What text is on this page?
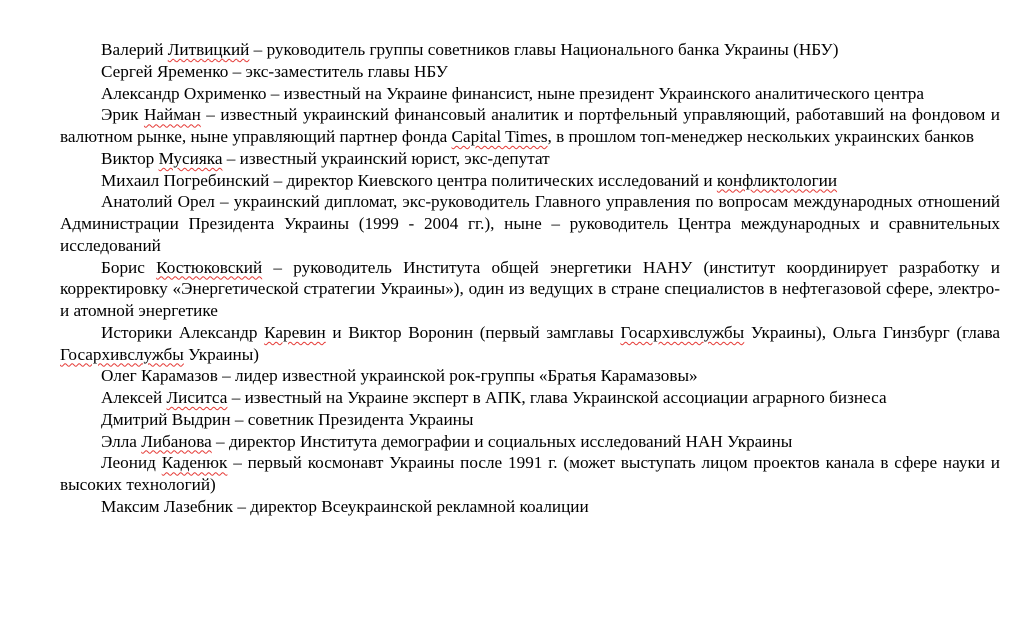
Валерий Литвицкий – руководитель группы советников главы Национального банка Украины (НБУ)

Сергей Яременко – экс-заместитель главы НБУ

Александр Охрименко – известный на Украине финансист, ныне президент Украинского аналитического центра

Эрик Найман – известный украинский финансовый аналитик и портфельный управляющий, работавший на фондовом и валютном рынке, ныне управляющий партнер фонда Capital Times, в прошлом топ-менеджер нескольких украинских банков

Виктор Мусияка – известный украинский юрист, экс-депутат

Михаил Погребинский – директор Киевского центра политических исследований и конфликтологии

Анатолий Орел – украинский дипломат, экс-руководитель Главного управления по вопросам международных отношений Администрации Президента Украины (1999 - 2004 гг.), ныне – руководитель Центра международных и сравнительных исследований

Борис Костюковский – руководитель Института общей энергетики НАНУ (институт координирует разработку и корректировку «Энергетической стратегии Украины»), один из ведущих в стране специалистов в нефтегазовой сфере, электро- и атомной энергетике

Историки Александр Каревин и Виктор Воронин (первый замглавы Госархивслужбы Украины), Ольга Гинзбург (глава Госархивслужбы Украины)

Олег Карамазов – лидер известной украинской рок-группы «Братья Карамазовы»

Алексей Лиситса – известный на Украине эксперт в АПК, глава Украинской ассоциации аграрного бизнеса

Дмитрий Выдрин – советник Президента Украины

Элла Либанова – директор Института демографии и социальных исследований НАН Украины

Леонид Каденюк – первый космонавт Украины после 1991 г. (может выступать лицом проектов канала в сфере науки и высоких технологий)

Максим Лазебник – директор Всеукраинской рекламной коалиции
